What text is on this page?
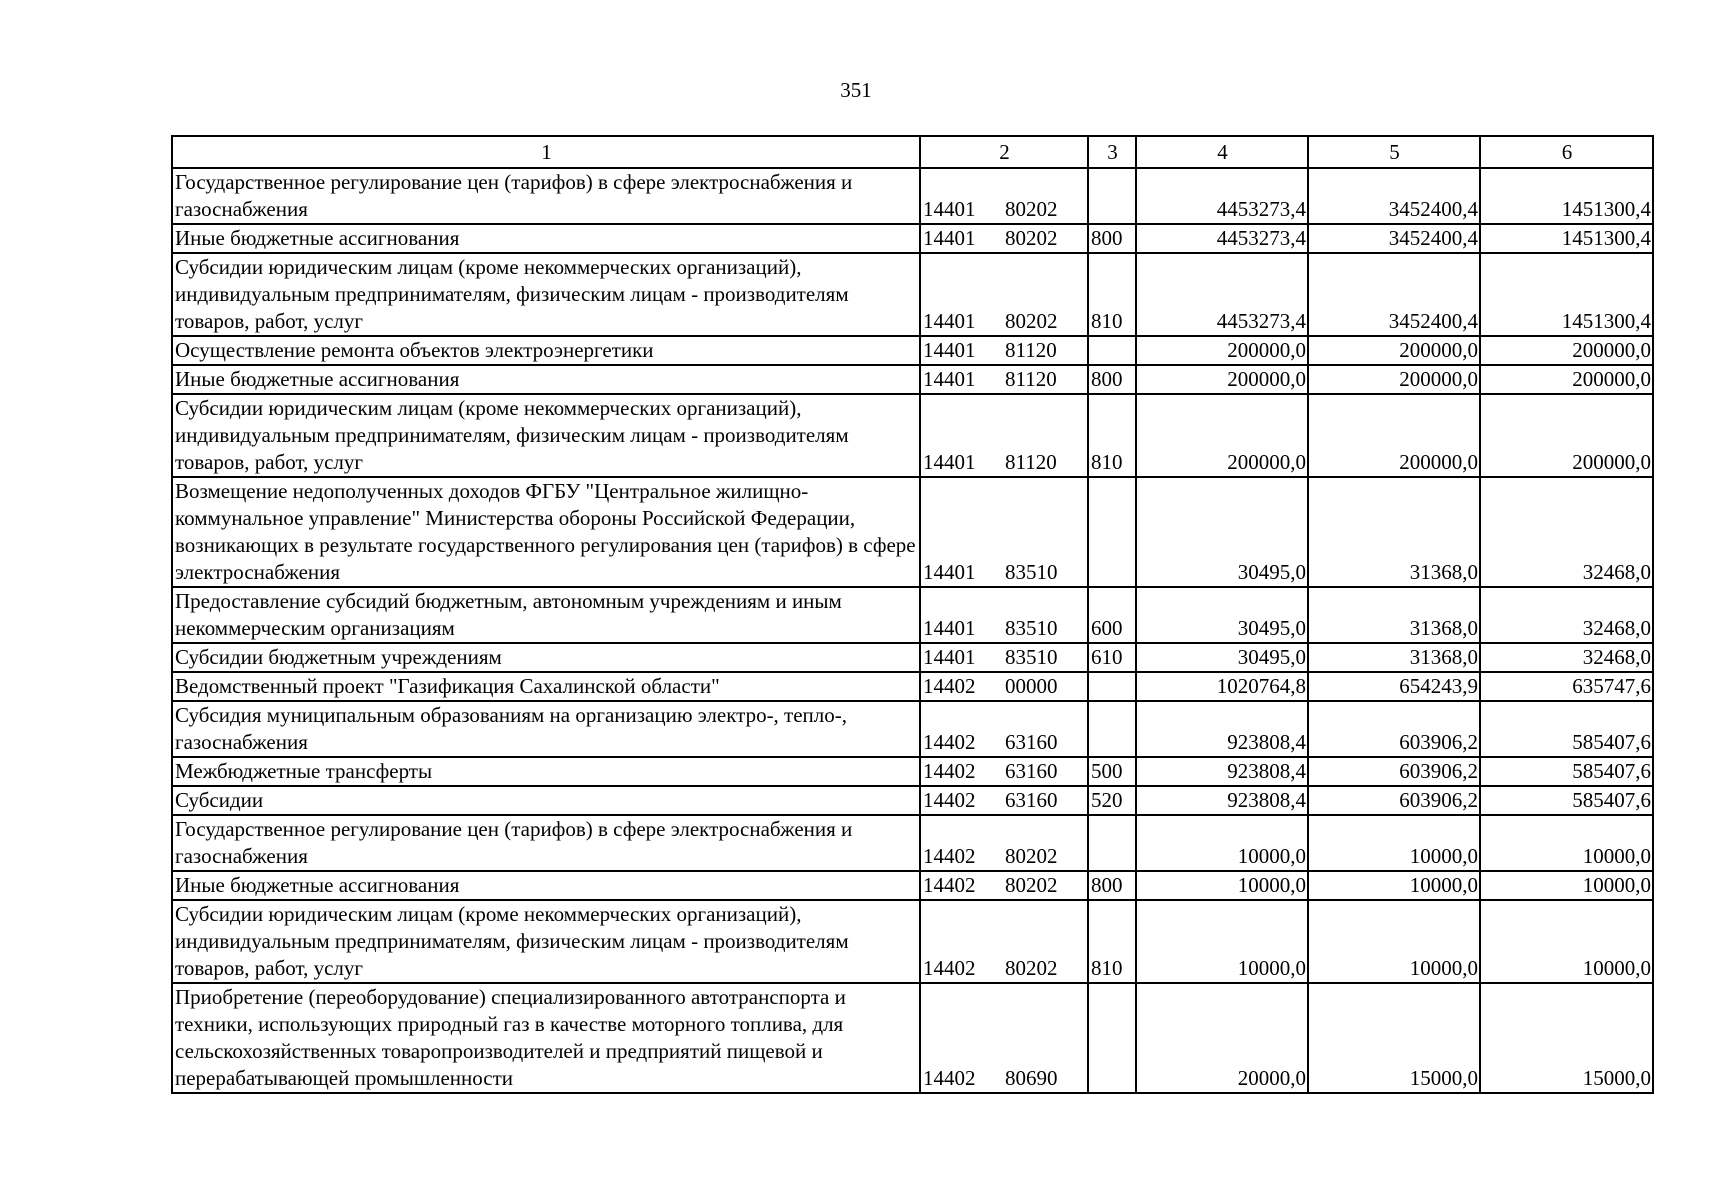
351
1	2	3	4	5	6
Государственное регулирование цен (тарифов) в сфере электроснабжения и газоснабжения	14401 80202		4453273,4	3452400,4	1451300,4
Иные бюджетные ассигнования	14401 80202	800	4453273,4	3452400,4	1451300,4
Субсидии юридическим лицам (кроме некоммерческих организаций), индивидуальным предпринимателям, физическим лицам - производителям товаров, работ, услуг	14401 80202	810	4453273,4	3452400,4	1451300,4
Осуществление ремонта объектов электроэнергетики	14401 81120		200000,0	200000,0	200000,0
Иные бюджетные ассигнования	14401 81120	800	200000,0	200000,0	200000,0
Субсидии юридическим лицам (кроме некоммерческих организаций), индивидуальным предпринимателям, физическим лицам - производителям товаров, работ, услуг	14401 81120	810	200000,0	200000,0	200000,0
Возмещение недополученных доходов ФГБУ "Центральное жилищно-коммунальное управление" Министерства обороны Российской Федерации, возникающих в результате государственного регулирования цен (тарифов) в сфере электроснабжения	14401 83510		30495,0	31368,0	32468,0
Предоставление субсидий бюджетным, автономным учреждениям и иным некоммерческим организациям	14401 83510	600	30495,0	31368,0	32468,0
Субсидии бюджетным учреждениям	14401 83510	610	30495,0	31368,0	32468,0
Ведомственный проект "Газификация Сахалинской области"	14402 00000		1020764,8	654243,9	635747,6
Субсидия муниципальным образованиям на организацию электро-, тепло-, газоснабжения	14402 63160		923808,4	603906,2	585407,6
Межбюджетные трансферты	14402 63160	500	923808,4	603906,2	585407,6
Субсидии	14402 63160	520	923808,4	603906,2	585407,6
Государственное регулирование цен (тарифов) в сфере электроснабжения и газоснабжения	14402 80202		10000,0	10000,0	10000,0
Иные бюджетные ассигнования	14402 80202	800	10000,0	10000,0	10000,0
Субсидии юридическим лицам (кроме некоммерческих организаций), индивидуальным предпринимателям, физическим лицам - производителям товаров, работ, услуг	14402 80202	810	10000,0	10000,0	10000,0
Приобретение (переоборудование) специализированного автотранспорта и техники, использующих природный газ в качестве моторного топлива, для сельскохозяйственных товаропроизводителей и предприятий пищевой и перерабатывающей промышленности	14402 80690		20000,0	15000,0	15000,0
